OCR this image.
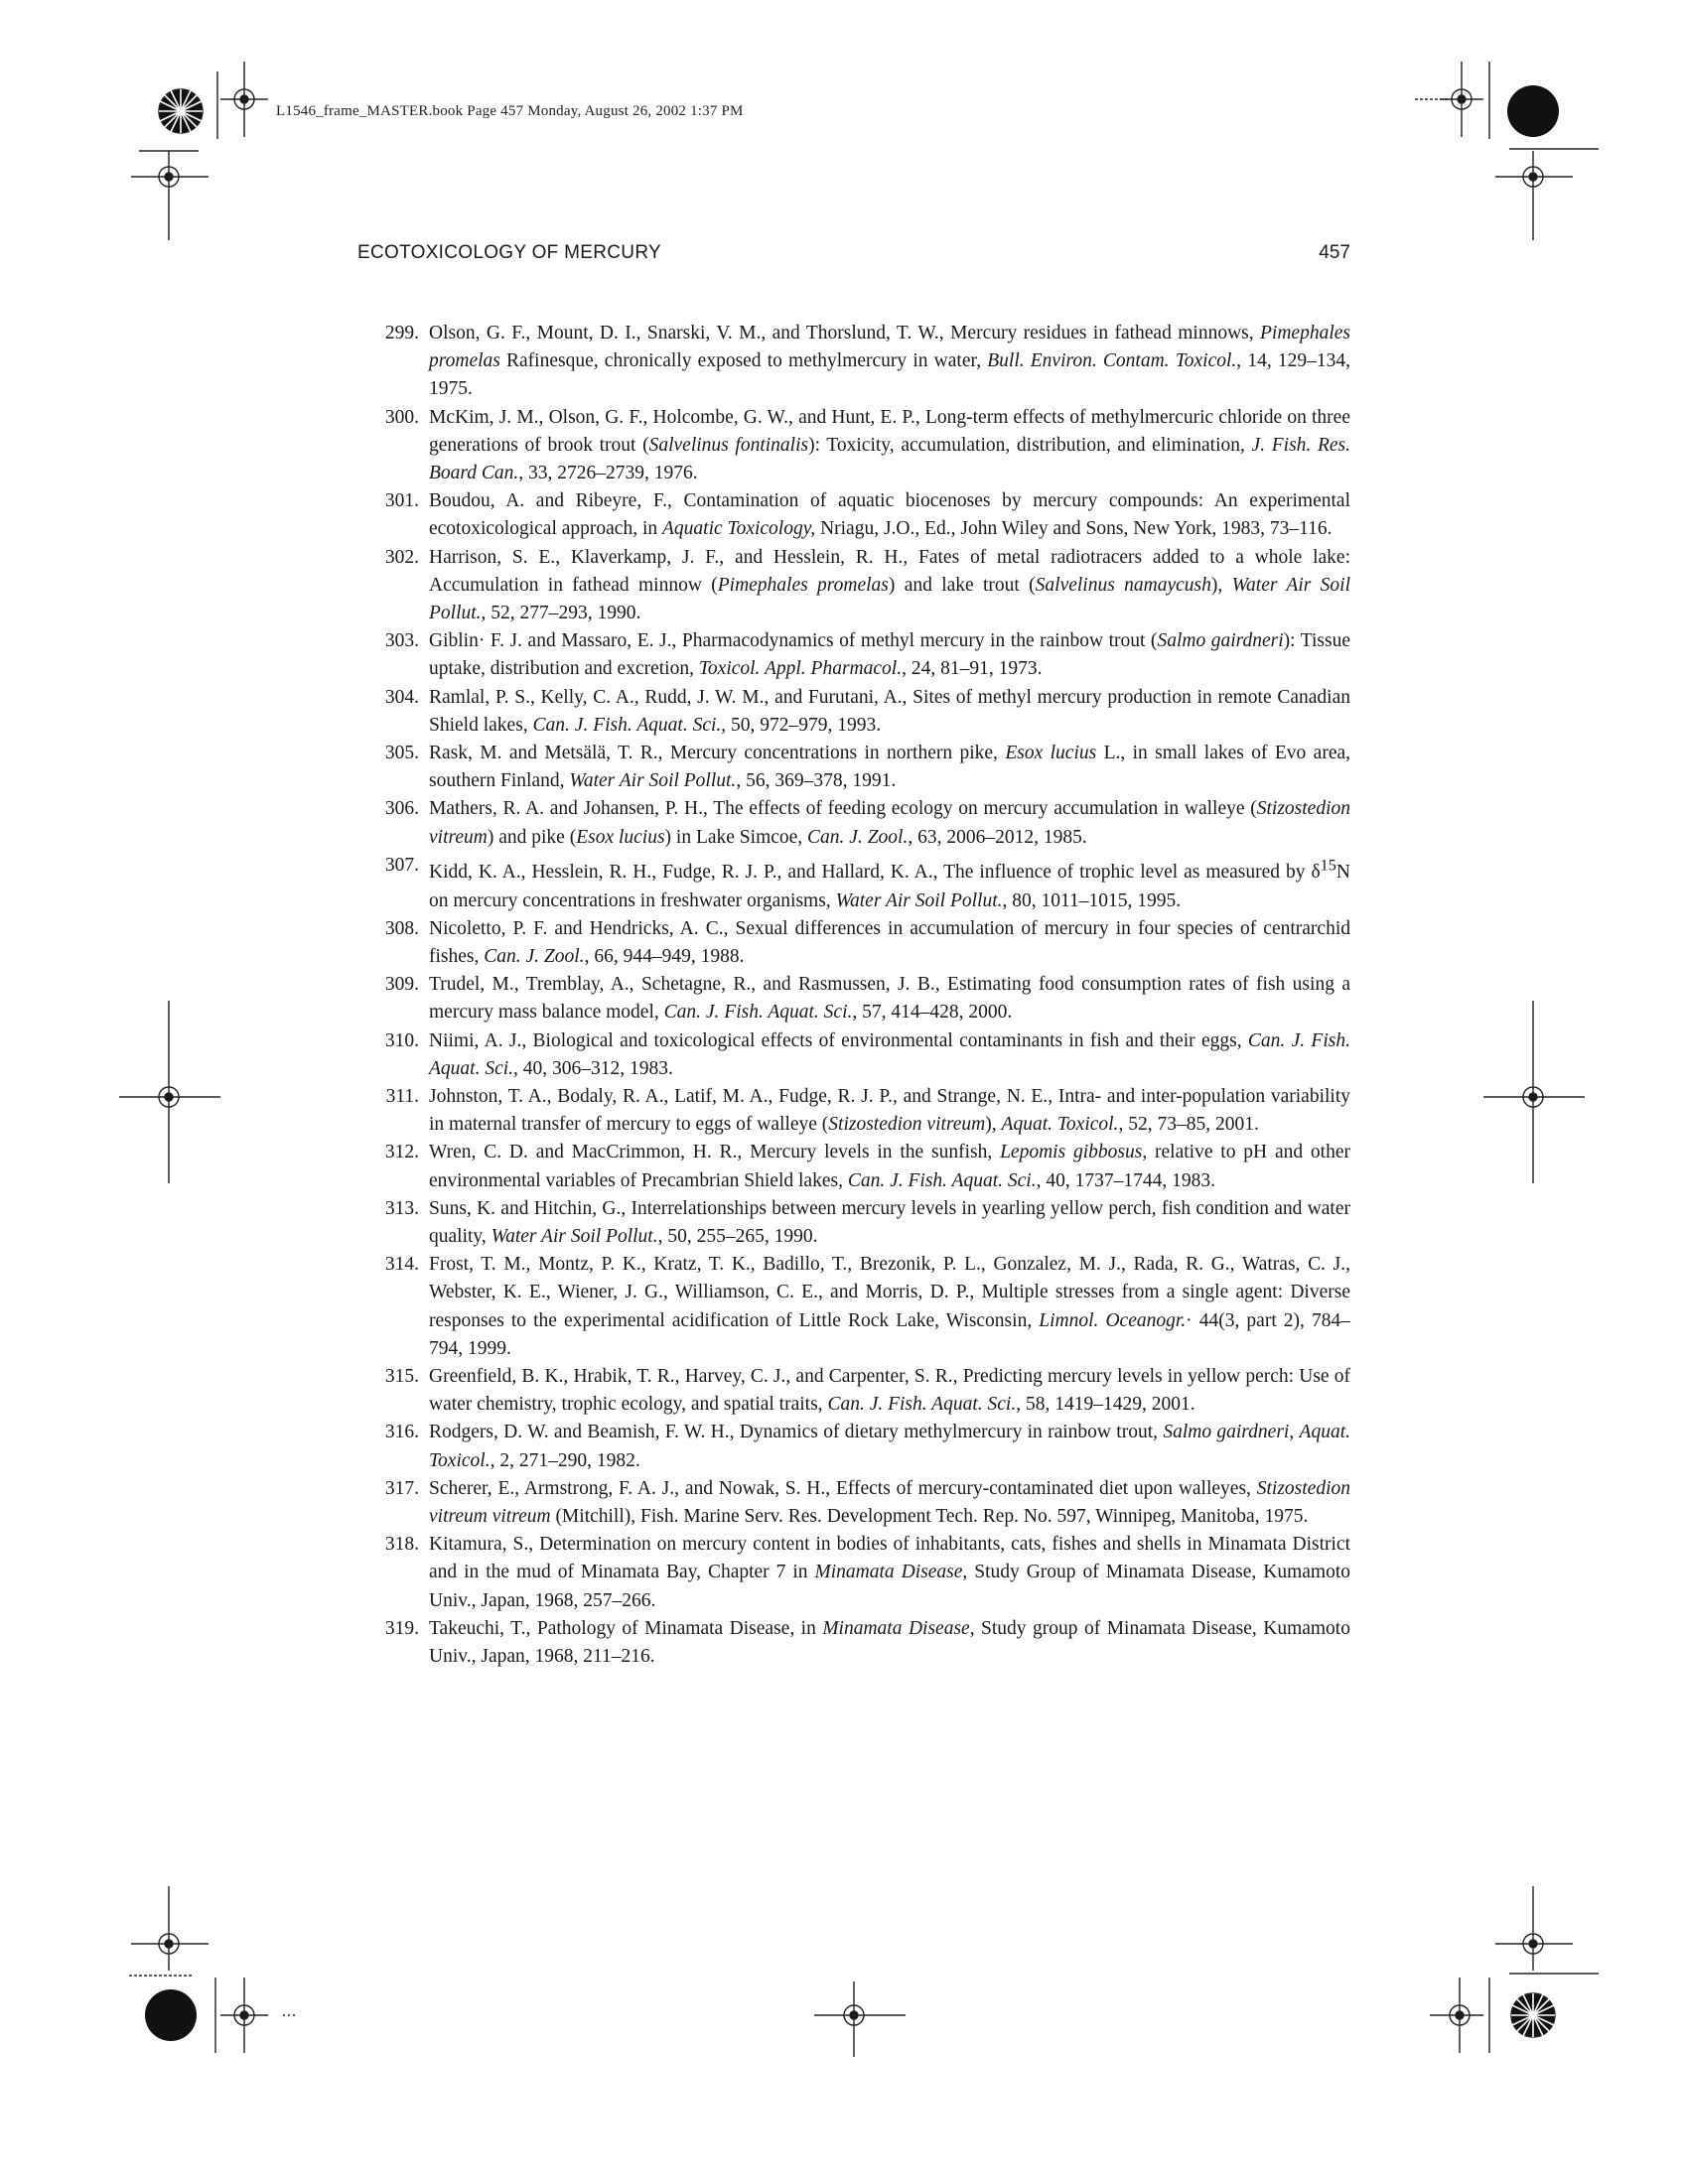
L1546_frame_MASTER.book Page 457 Monday, August 26, 2002 1:37 PM
ECOTOXICOLOGY OF MERCURY	457
299. Olson, G. F., Mount, D. I., Snarski, V. M., and Thorslund, T. W., Mercury residues in fathead minnows, Pimephales promelas Rafinesque, chronically exposed to methylmercury in water, Bull. Environ. Contam. Toxicol., 14, 129–134, 1975.
300. McKim, J. M., Olson, G. F., Holcombe, G. W., and Hunt, E. P., Long-term effects of methylmercuric chloride on three generations of brook trout (Salvelinus fontinalis): Toxicity, accumulation, distribution, and elimination, J. Fish. Res. Board Can., 33, 2726–2739, 1976.
301. Boudou, A. and Ribeyre, F., Contamination of aquatic biocenoses by mercury compounds: An experimental ecotoxicological approach, in Aquatic Toxicology, Nriagu, J.O., Ed., John Wiley and Sons, New York, 1983, 73–116.
302. Harrison, S. E., Klaverkamp, J. F., and Hesslein, R. H., Fates of metal radiotracers added to a whole lake: Accumulation in fathead minnow (Pimephales promelas) and lake trout (Salvelinus namaycush), Water Air Soil Pollut., 52, 277–293, 1990.
303. Giblin· F. J. and Massaro, E. J., Pharmacodynamics of methyl mercury in the rainbow trout (Salmo gairdneri): Tissue uptake, distribution and excretion, Toxicol. Appl. Pharmacol., 24, 81–91, 1973.
304. Ramlal, P. S., Kelly, C. A., Rudd, J. W. M., and Furutani, A., Sites of methyl mercury production in remote Canadian Shield lakes, Can. J. Fish. Aquat. Sci., 50, 972–979, 1993.
305. Rask, M. and Metsälä, T. R., Mercury concentrations in northern pike, Esox lucius L., in small lakes of Evo area, southern Finland, Water Air Soil Pollut., 56, 369–378, 1991.
306. Mathers, R. A. and Johansen, P. H., The effects of feeding ecology on mercury accumulation in walleye (Stizostedion vitreum) and pike (Esox lucius) in Lake Simcoe, Can. J. Zool., 63, 2006–2012, 1985.
307. Kidd, K. A., Hesslein, R. H., Fudge, R. J. P., and Hallard, K. A., The influence of trophic level as measured by $\delta^{15}N$ on mercury concentrations in freshwater organisms, Water Air Soil Pollut., 80, 1011–1015, 1995.
308. Nicoletto, P. F. and Hendricks, A. C., Sexual differences in accumulation of mercury in four species of centrarchid fishes, Can. J. Zool., 66, 944–949, 1988.
309. Trudel, M., Tremblay, A., Schetagne, R., and Rasmussen, J. B., Estimating food consumption rates of fish using a mercury mass balance model, Can. J. Fish. Aquat. Sci., 57, 414–428, 2000.
310. Niimi, A. J., Biological and toxicological effects of environmental contaminants in fish and their eggs, Can. J. Fish. Aquat. Sci., 40, 306–312, 1983.
311. Johnston, T. A., Bodaly, R. A., Latif, M. A., Fudge, R. J. P., and Strange, N. E., Intra- and inter-population variability in maternal transfer of mercury to eggs of walleye (Stizostedion vitreum), Aquat. Toxicol., 52, 73–85, 2001.
312. Wren, C. D. and MacCrimmon, H. R., Mercury levels in the sunfish, Lepomis gibbosus, relative to pH and other environmental variables of Precambrian Shield lakes, Can. J. Fish. Aquat. Sci., 40, 1737–1744, 1983.
313. Suns, K. and Hitchin, G., Interrelationships between mercury levels in yearling yellow perch, fish condition and water quality, Water Air Soil Pollut., 50, 255–265, 1990.
314. Frost, T. M., Montz, P. K., Kratz, T. K., Badillo, T., Brezonik, P. L., Gonzalez, M. J., Rada, R. G., Watras, C. J., Webster, K. E., Wiener, J. G., Williamson, C. E., and Morris, D. P., Multiple stresses from a single agent: Diverse responses to the experimental acidification of Little Rock Lake, Wisconsin, Limnol. Oceanogr.· 44(3, part 2), 784–794, 1999.
315. Greenfield, B. K., Hrabik, T. R., Harvey, C. J., and Carpenter, S. R., Predicting mercury levels in yellow perch: Use of water chemistry, trophic ecology, and spatial traits, Can. J. Fish. Aquat. Sci., 58, 1419–1429, 2001.
316. Rodgers, D. W. and Beamish, F. W. H., Dynamics of dietary methylmercury in rainbow trout, Salmo gairdneri, Aquat. Toxicol., 2, 271–290, 1982.
317. Scherer, E., Armstrong, F. A. J., and Nowak, S. H., Effects of mercury-contaminated diet upon walleyes, Stizostedion vitreum vitreum (Mitchill), Fish. Marine Serv. Res. Development Tech. Rep. No. 597, Winnipeg, Manitoba, 1975.
318. Kitamura, S., Determination on mercury content in bodies of inhabitants, cats, fishes and shells in Minamata District and in the mud of Minamata Bay, Chapter 7 in Minamata Disease, Study Group of Minamata Disease, Kumamoto Univ., Japan, 1968, 257–266.
319. Takeuchi, T., Pathology of Minamata Disease, in Minamata Disease, Study group of Minamata Disease, Kumamoto Univ., Japan, 1968, 211–216.
